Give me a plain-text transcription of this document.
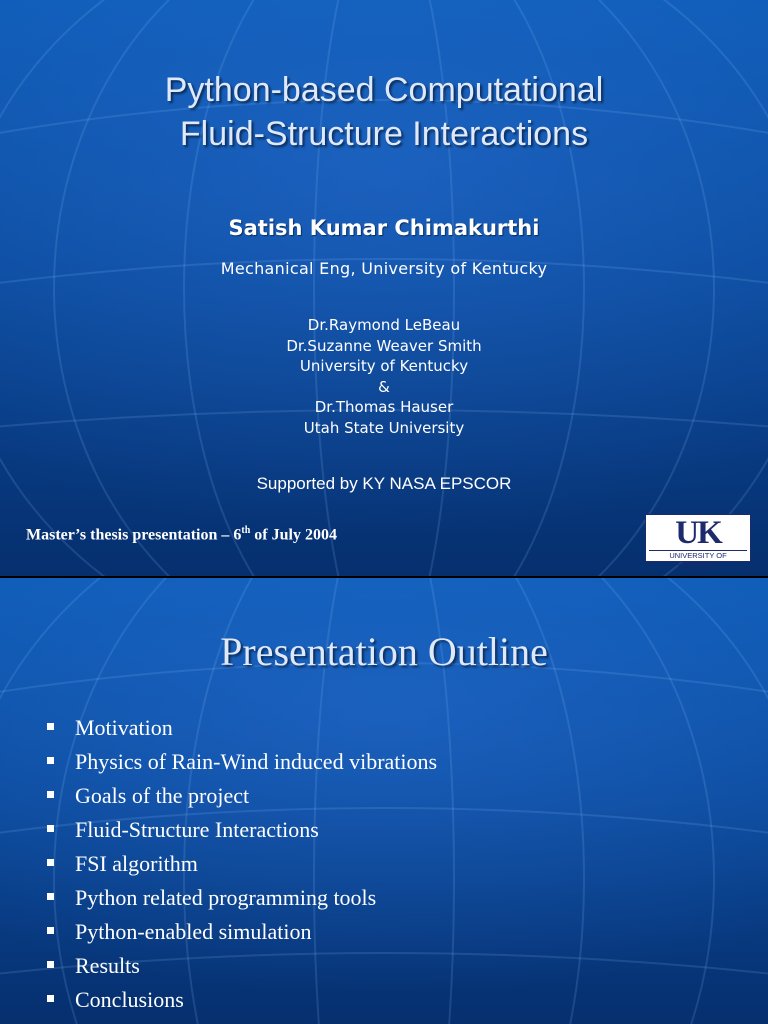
Python-based Computational
Fluid-Structure Interactions
Satish Kumar Chimakurthi
Mechanical Eng, University of Kentucky
Dr.Raymond LeBeau
Dr.Suzanne Weaver Smith
University of Kentucky
&
Dr.Thomas Hauser
Utah State University
Supported by KY NASA EPSCOR
Master’s thesis presentation – 6th of July 2004	UK
UNIVERSITY OF KENTUCKY
Presentation Outline
Motivation
Physics of Rain-Wind induced vibrations
Goals of the project
Fluid-Structure Interactions
FSI algorithm
Python related programming tools
Python-enabled simulation
Results
Conclusions
